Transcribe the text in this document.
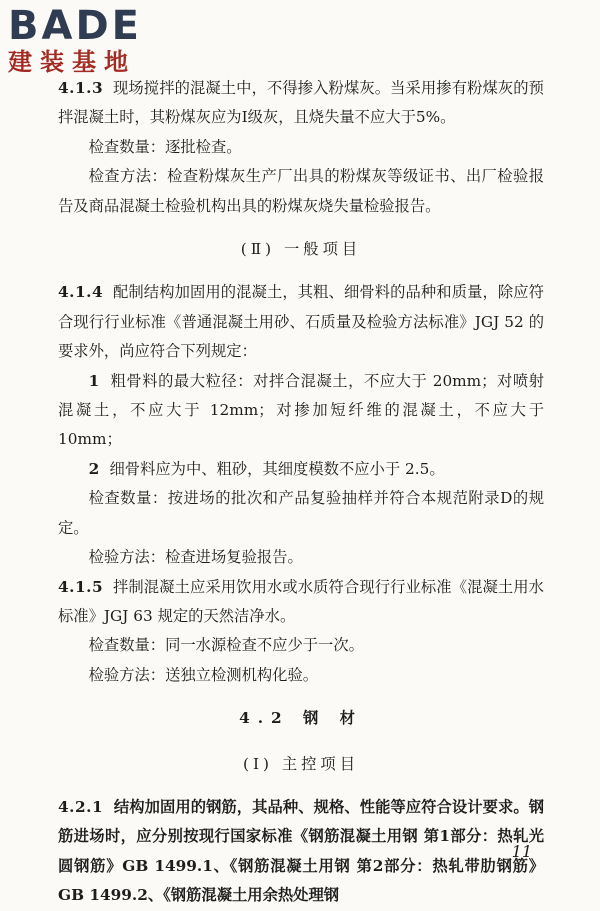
BADE
建装基地

4.1.3 现场搅拌的混凝土中，不得掺入粉煤灰。当采用掺有粉煤灰的预拌混凝土时，其粉煤灰应为Ⅰ级灰，且烧失量不应大于5%。

检查数量：逐批检查。

检查方法：检查粉煤灰生产厂出具的粉煤灰等级证书、出厂检验报告及商品混凝土检验机构出具的粉煤灰烧失量检验报告。

(Ⅱ) 一般项目

4.1.4 配制结构加固用的混凝土，其粗、细骨料的品种和质量，除应符合现行行业标准《普通混凝土用砂、石质量及检验方法标准》JGJ 52 的要求外，尚应符合下列规定：

1 粗骨料的最大粒径：对拌合混凝土，不应大于 20mm；对喷射混凝土，不应大于 12mm；对掺加短纤维的混凝土，不应大于 10mm；

2 细骨料应为中、粗砂，其细度模数不应小于 2.5。

检查数量：按进场的批次和产品复验抽样并符合本规范附录D的规定。

检验方法：检查进场复验报告。

4.1.5 拌制混凝土应采用饮用水或水质符合现行行业标准《混凝土用水标准》JGJ 63 规定的天然洁净水。

检查数量：同一水源检查不应少于一次。

检验方法：送独立检测机构化验。

4.2 钢 材

(Ⅰ) 主控项目

4.2.1 结构加固用的钢筋，其品种、规格、性能等应符合设计要求。钢筋进场时，应分别按现行国家标准《钢筋混凝土用钢 第1部分：热轧光圆钢筋》GB 1499.1、《钢筋混凝土用钢 第2部分：热轧带肋钢筋》GB 1499.2、《钢筋混凝土用余热处理钢

11
